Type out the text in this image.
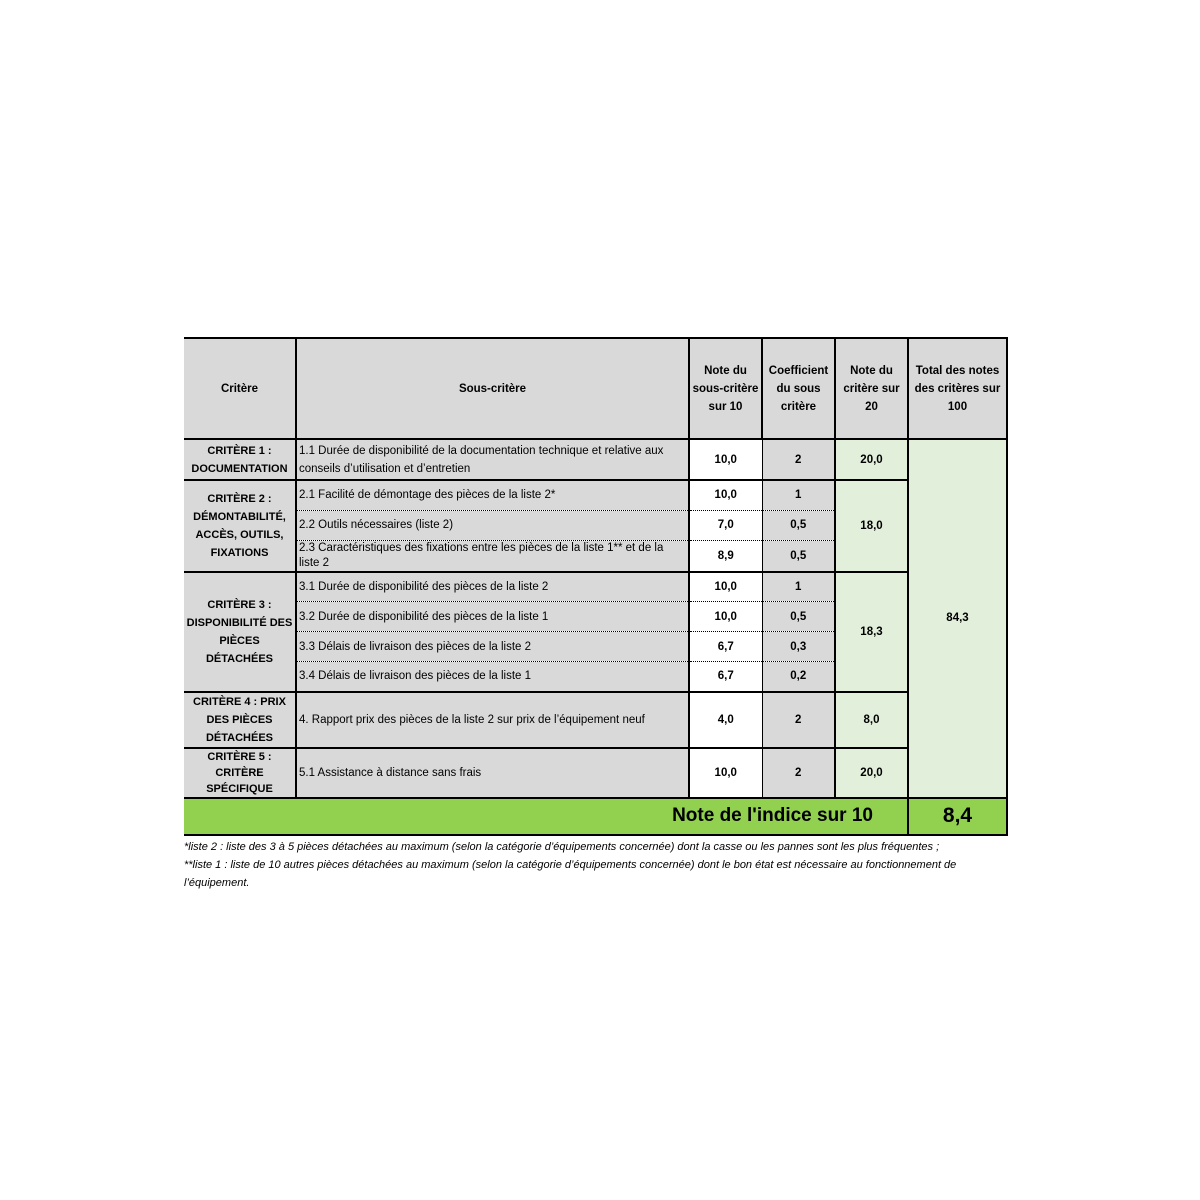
Critère	Sous-critère	Note du sous-critère sur 10	Coefficient du sous critère	Note du critère sur 20	Total des notes des critères sur 100
CRITÈRE 1 : DOCUMENTATION	1.1 Durée de disponibilité de la documentation technique et relative aux conseils d’utilisation et d’entretien	10,0	2	20,0	84,3
CRITÈRE 2 : DÉMONTABILITÉ, ACCÈS, OUTILS, FIXATIONS	2.1 Facilité de démontage des pièces de la liste 2*	10,0	1	18,0	
	2.2 Outils nécessaires (liste 2)	7,0	0,5		
	2.3 Caractéristiques des fixations entre les pièces de la liste 1** et de la liste 2	8,9	0,5		
CRITÈRE 3 : DISPONIBILITÉ DES PIÈCES DÉTACHÉES	3.1 Durée de disponibilité des pièces de la liste 2	10,0	1	18,3	
	3.2 Durée de disponibilité des pièces de la liste 1	10,0	0,5		
	3.3 Délais de livraison des pièces de la liste 2	6,7	0,3		
	3.4 Délais de livraison des pièces de la liste 1	6,7	0,2		
CRITÈRE 4 : PRIX DES PIÈCES DÉTACHÉES	4. Rapport prix des pièces de la liste 2 sur prix de l’équipement neuf	4,0	2	8,0	
CRITÈRE 5 : CRITÈRE SPÉCIFIQUE	5.1 Assistance à distance sans frais	10,0	2	20,0	
Note de l'indice sur 10					8,4

*liste 2 : liste des 3 à 5 pièces détachées au maximum (selon la catégorie d’équipements concernée) dont la casse ou les pannes sont les plus fréquentes ;

**liste 1 : liste de 10 autres pièces détachées au maximum (selon la catégorie d’équipements concernée) dont le bon état est nécessaire au fonctionnement de l’équipement.
